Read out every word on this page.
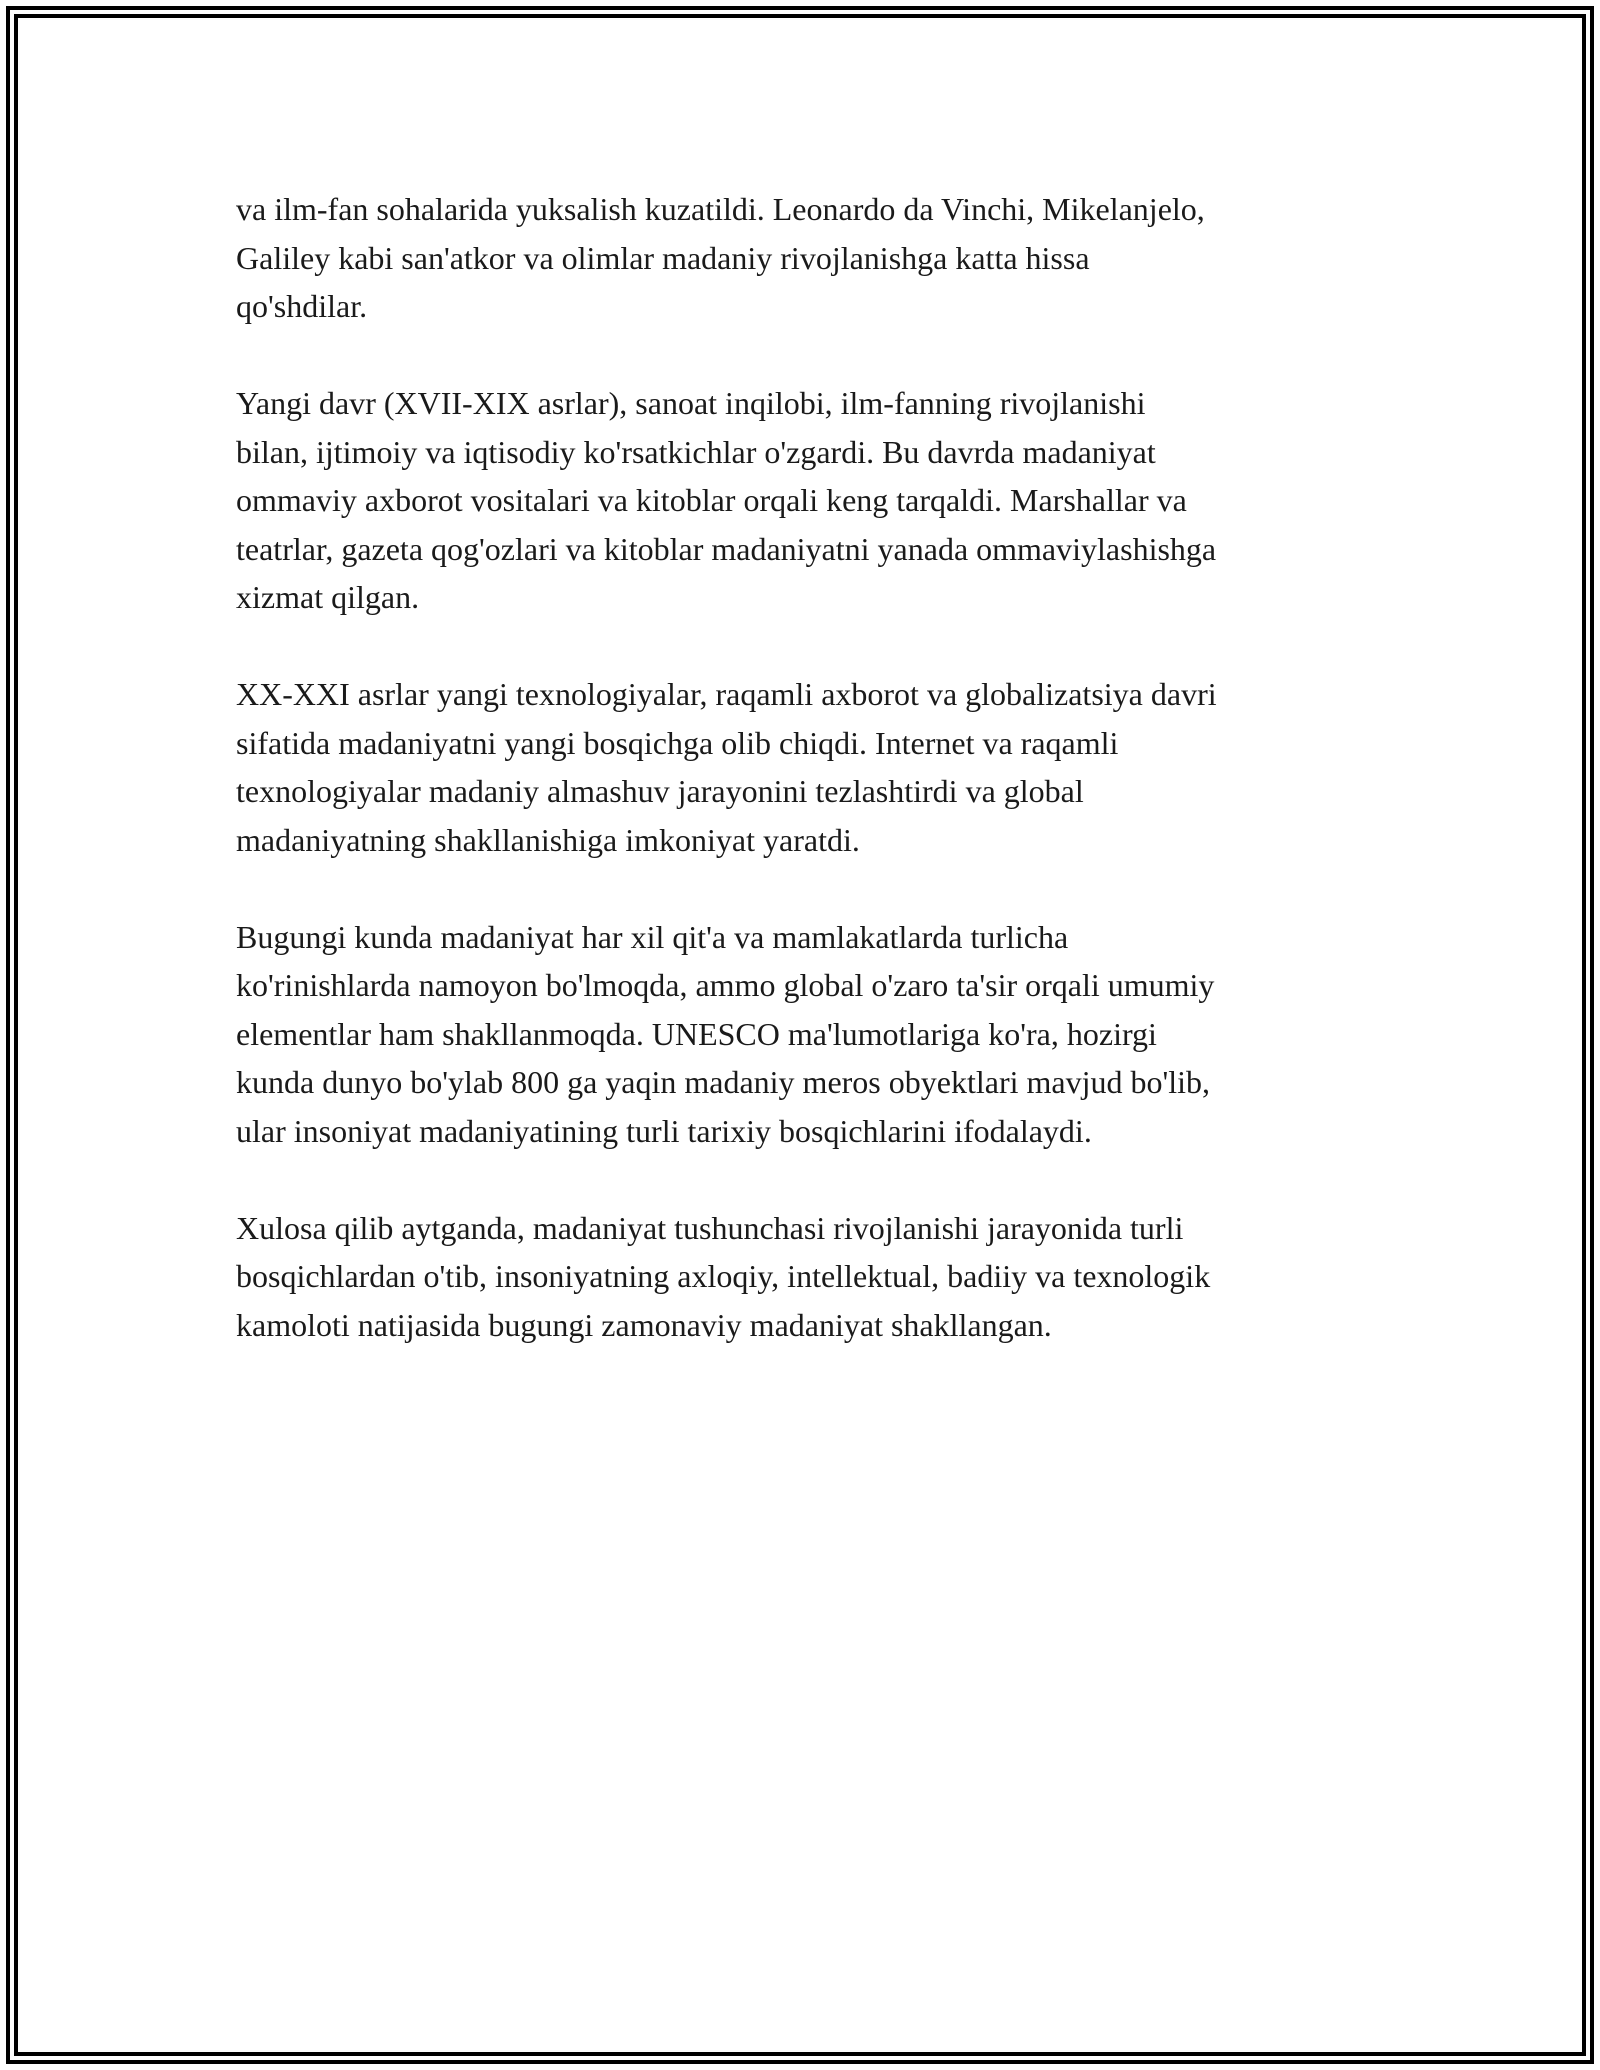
va ilm-fan sohalarida yuksalish kuzatildi. Leonardo da Vinchi, Mikelanjelo,
Galiley kabi san'atkor va olimlar madaniy rivojlanishga katta hissa
qo'shdilar.

Yangi davr (XVII-XIX asrlar), sanoat inqilobi, ilm-fanning rivojlanishi
bilan, ijtimoiy va iqtisodiy ko'rsatkichlar o'zgardi. Bu davrda madaniyat
ommaviy axborot vositalari va kitoblar orqali keng tarqaldi. Marshallar va
teatrlar, gazeta qog'ozlari va kitoblar madaniyatni yanada ommaviylashishga
xizmat qilgan.

XX-XXI asrlar yangi texnologiyalar, raqamli axborot va globalizatsiya davri
sifatida madaniyatni yangi bosqichga olib chiqdi. Internet va raqamli
texnologiyalar madaniy almashuv jarayonini tezlashtirdi va global
madaniyatning shakllanishiga imkoniyat yaratdi.

Bugungi kunda madaniyat har xil qit'a va mamlakatlarda turlicha
ko'rinishlarda namoyon bo'lmoqda, ammo global o'zaro ta'sir orqali umumiy
elementlar ham shakllanmoqda. UNESCO ma'lumotlariga ko'ra, hozirgi
kunda dunyo bo'ylab 800 ga yaqin madaniy meros obyektlari mavjud bo'lib,
ular insoniyat madaniyatining turli tarixiy bosqichlarini ifodalaydi.

Xulosa qilib aytganda, madaniyat tushunchasi rivojlanishi jarayonida turli
bosqichlardan o'tib, insoniyatning axloqiy, intellektual, badiiy va texnologik
kamoloti natijasida bugungi zamonaviy madaniyat shakllangan.
